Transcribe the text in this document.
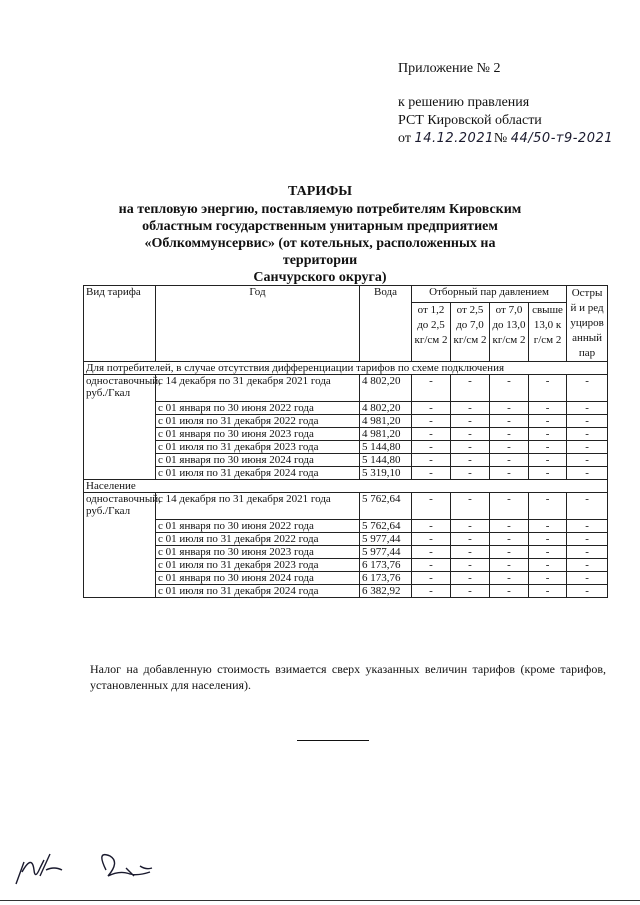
Приложение № 2
к решению правления
РСТ Кировской области
от 14.12.2021№ 44/50-т9-2021
ТАРИФЫ
на тепловую энергию, поставляемую потребителям Кировским
областным государственным унитарным предприятием
«Облкоммунсервис» (от котельных, расположенных на территории
Санчурского округа)
Вид тарифа	Год	Вода	Отборный пар давлением				Острый и редуцированный пар
			от 1,2 до 2,5 кг/см 2	от 2,5 до 7,0 кг/см 2	от 7,0 до 13,0 кг/см 2	свыше 13,0 кг/см 2	
Для потребителей, в случае отсутствия дифференциации тарифов по схеме подключения							
одноставочный, руб./Гкал	с 14 декабря по 31 декабря 2021 года	4 802,20	-	-	-	-	-
	с 01 января по 30 июня 2022 года	4 802,20	-	-	-	-	-
	с 01 июля по 31 декабря 2022 года	4 981,20	-	-	-	-	-
	с 01 января по 30 июня 2023 года	4 981,20	-	-	-	-	-
	с 01 июля по 31 декабря 2023 года	5 144,80	-	-	-	-	-
	с 01 января по 30 июня 2024 года	5 144,80	-	-	-	-	-
	с 01 июля по 31 декабря 2024 года	5 319,10	-	-	-	-	-
Население							
одноставочный, руб./Гкал	с 14 декабря по 31 декабря 2021 года	5 762,64	-	-	-	-	-
	с 01 января по 30 июня 2022 года	5 762,64	-	-	-	-	-
	с 01 июля по 31 декабря 2022 года	5 977,44	-	-	-	-	-
	с 01 января по 30 июня 2023 года	5 977,44	-	-	-	-	-
	с 01 июля по 31 декабря 2023 года	6 173,76	-	-	-	-	-
	с 01 января по 30 июня 2024 года	6 173,76	-	-	-	-	-
	с 01 июля по 31 декабря 2024 года	6 382,92	-	-	-	-	-
Налог на добавленную стоимость взимается сверх указанных величин тарифов (кроме тарифов, установленных для населения).
